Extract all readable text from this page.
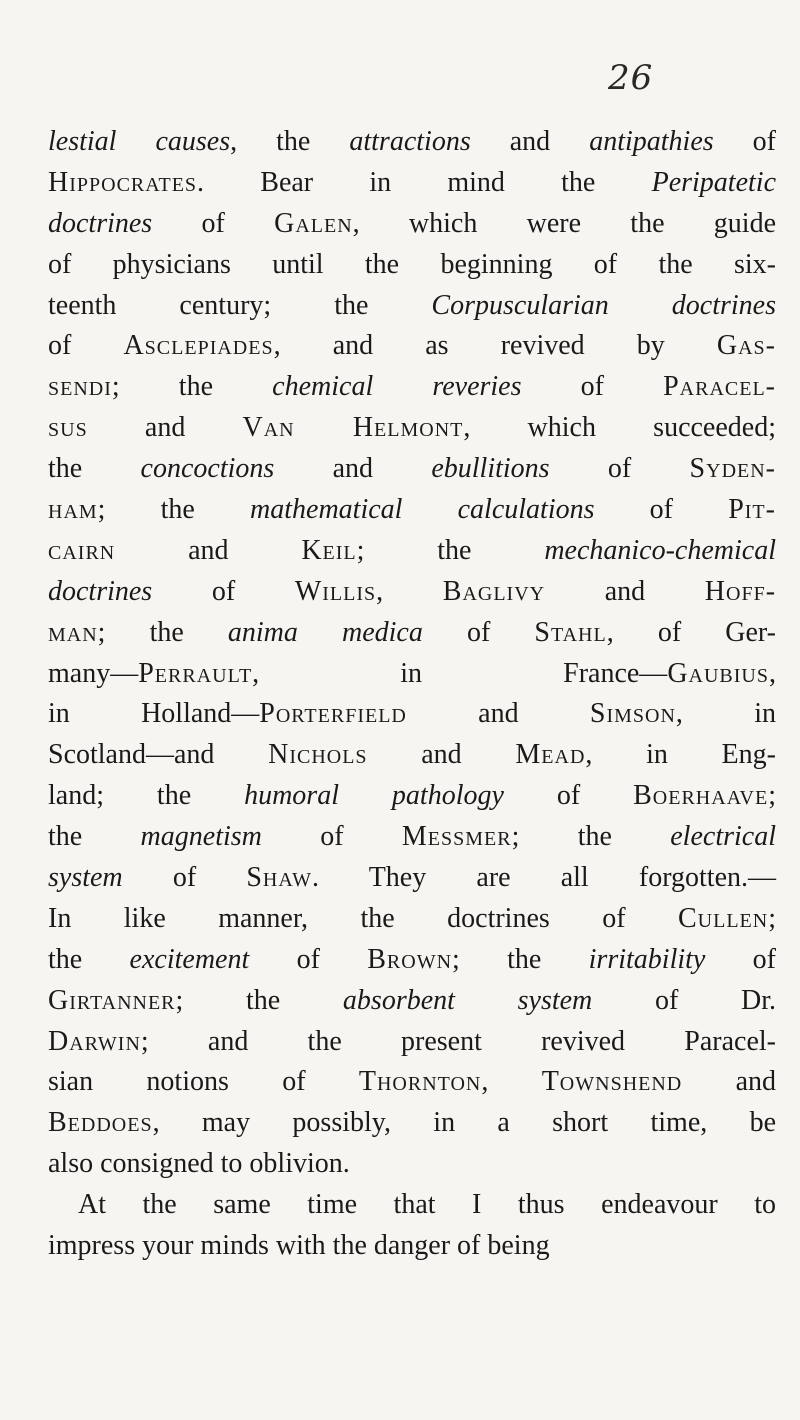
26
lestial causes, the attractions and antipathies of
Hippocrates. Bear in mind the Peripatetic
doctrines of Galen, which were the guide
of physicians until the beginning of the six-
teenth century; the Corpuscularian doctrines
of Asclepiades, and as revived by Gas-
sendi; the chemical reveries of Paracel-
sus and Van Helmont, which succeeded;
the concoctions and ebullitions of Syden-
ham; the mathematical calculations of Pit-
cairn and Keil; the mechanico-chemical
doctrines of Willis, Baglivy and Hoff-
man; the anima medica of Stahl, of Ger-
many—Perrault, in France—Gaubius,
in Holland—Porterfield and Simson, in
Scotland—and Nichols and Mead, in Eng-
land; the humoral pathology of Boerhaave;
the magnetism of Messmer; the electrical
system of Shaw. They are all forgotten.—
In like manner, the doctrines of Cullen;
the excitement of Brown; the irritability of
Girtanner; the absorbent system of Dr.
Darwin; and the present revived Paracel-
sian notions of Thornton, Townshend and
Beddoes, may possibly, in a short time, be
also consigned to oblivion.
At the same time that I thus endeavour to
impress your minds with the danger of being
